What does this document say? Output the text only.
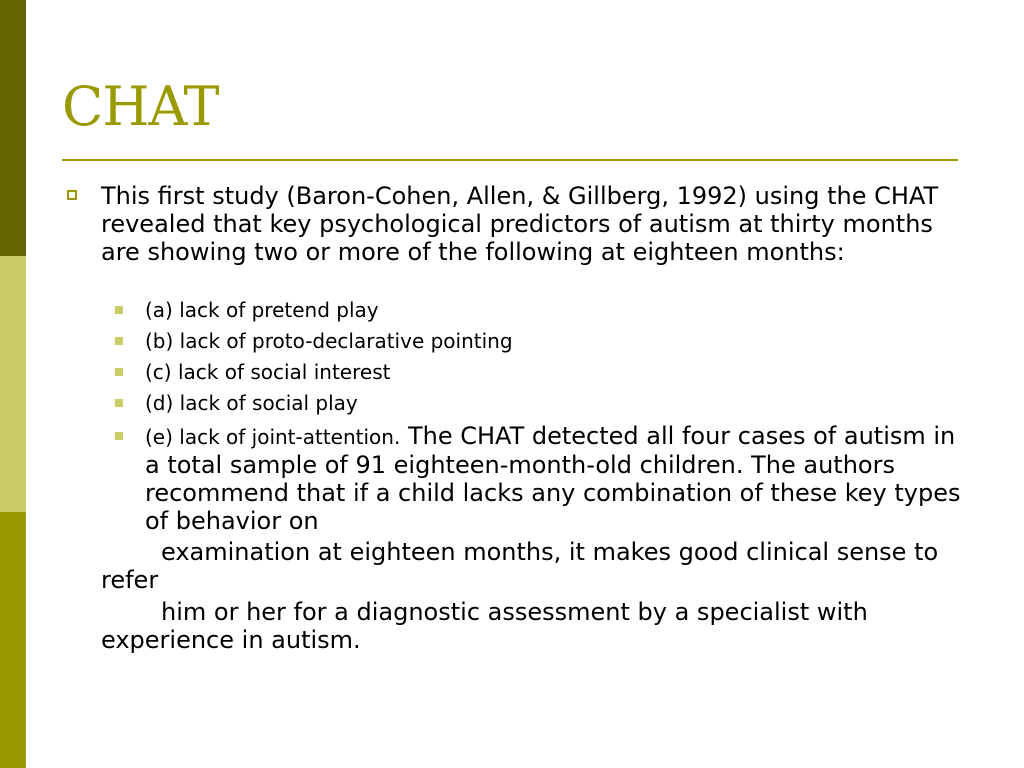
CHAT
This first study (Baron-Cohen, Allen, & Gillberg, 1992) using the CHAT revealed that key psychological predictors of autism at thirty months are showing two or more of the following at eighteen months:
(a) lack of pretend play
(b) lack of proto-declarative pointing
(c) lack of social interest
(d) lack of social play
(e) lack of joint-attention. The CHAT detected all four cases of autism in a total sample of 91 eighteen-month-old children. The authors recommend that if a child lacks any combination of these key types of behavior on
examination at eighteen months, it makes good clinical sense to refer
him or her for a diagnostic assessment by a specialist with experience in autism.
